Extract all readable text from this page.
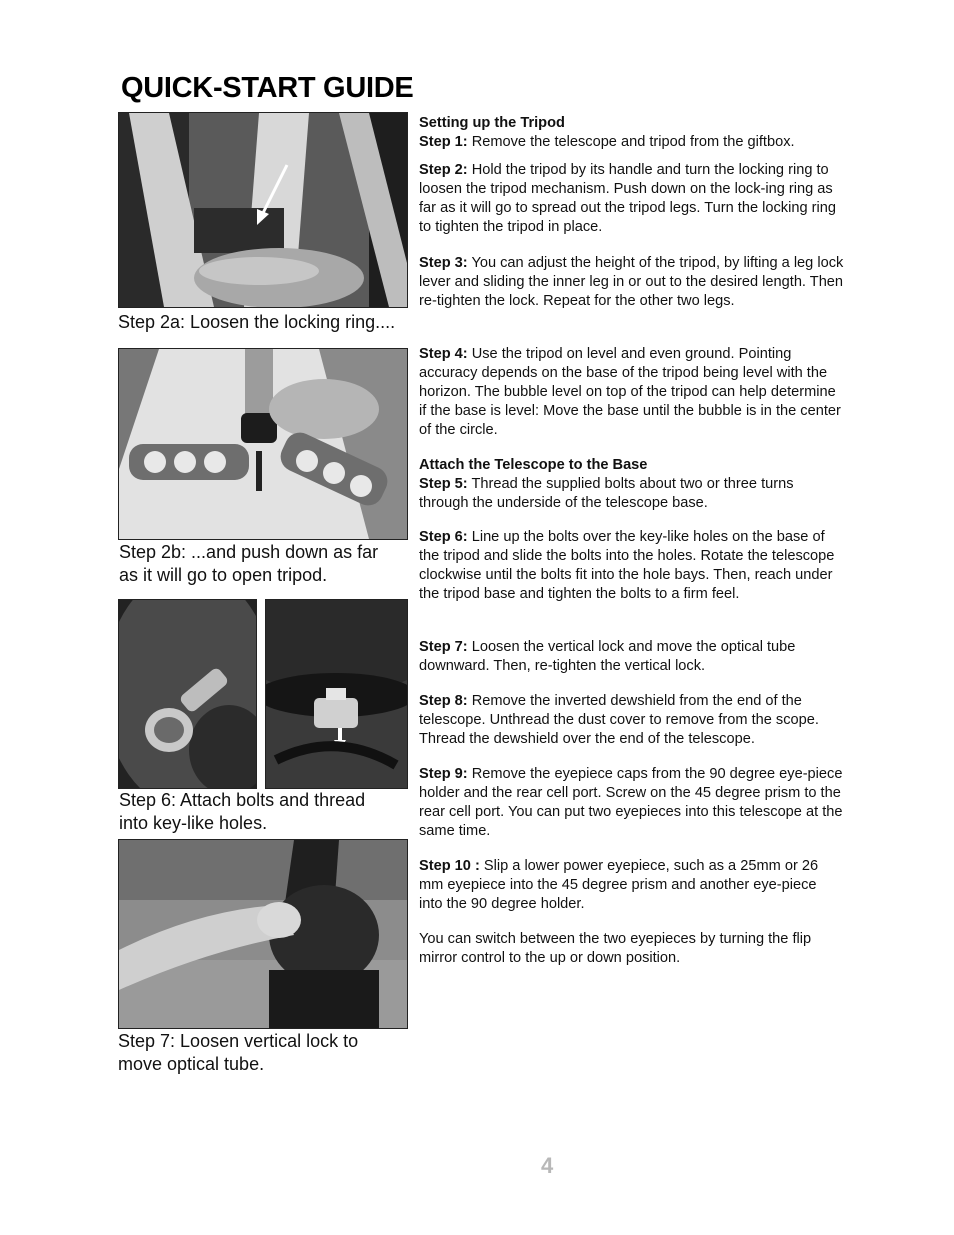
QUICK-START GUIDE

Step 2a: Loosen the locking ring....

Step 2b: ...and push down as far
as it will go to open tripod.

Step 6: Attach bolts and thread
into key-like holes.

Step 7: Loosen vertical lock to
move optical tube.

Setting up the Tripod

Step 1: Remove the telescope and tripod from the giftbox.

Step 2: Hold the tripod by its handle and turn the locking ring to loosen the tripod mechanism. Push down on the lock-ing ring as far as it will go to spread out the tripod legs. Turn the locking ring to tighten the tripod in place.

Step 3: You can adjust the height of the tripod, by lifting a leg lock lever and sliding the inner leg in or out to the desired length. Then re-tighten the lock. Repeat for the other two legs.

Step 4: Use the tripod on level and even ground. Pointing accuracy depends on the base of the tripod being level with the horizon. The bubble level on top of the tripod can help determine if the base is level: Move the base until the bubble is in the center of the circle.

Attach the Telescope to the Base

Step 5: Thread the supplied bolts about two or three turns through the underside of the telescope base.

Step 6: Line up the bolts over the key-like holes on the base of the tripod and slide the bolts into the holes. Rotate the telescope clockwise until the bolts fit into the hole bays. Then, reach under the tripod base and tighten the bolts to a firm feel.

Step 7: Loosen the vertical lock and move the optical tube downward. Then, re-tighten the vertical lock.

Step 8: Remove the inverted dewshield from the end of the telescope. Unthread the dust cover to remove from the scope. Thread the dewshield over the end of the telescope.

Step 9: Remove the eyepiece caps from the 90 degree eye-piece holder and the rear cell port. Screw on the 45 degree prism to the rear cell port. You can put two eyepieces into this telescope at the same time.

Step 10 : Slip a lower power eyepiece, such as a 25mm or 26 mm eyepiece into the 45 degree prism and another eye-piece into the 90 degree holder.

You can switch between the two eyepieces by turning the flip mirror control to the up or down position.

4
